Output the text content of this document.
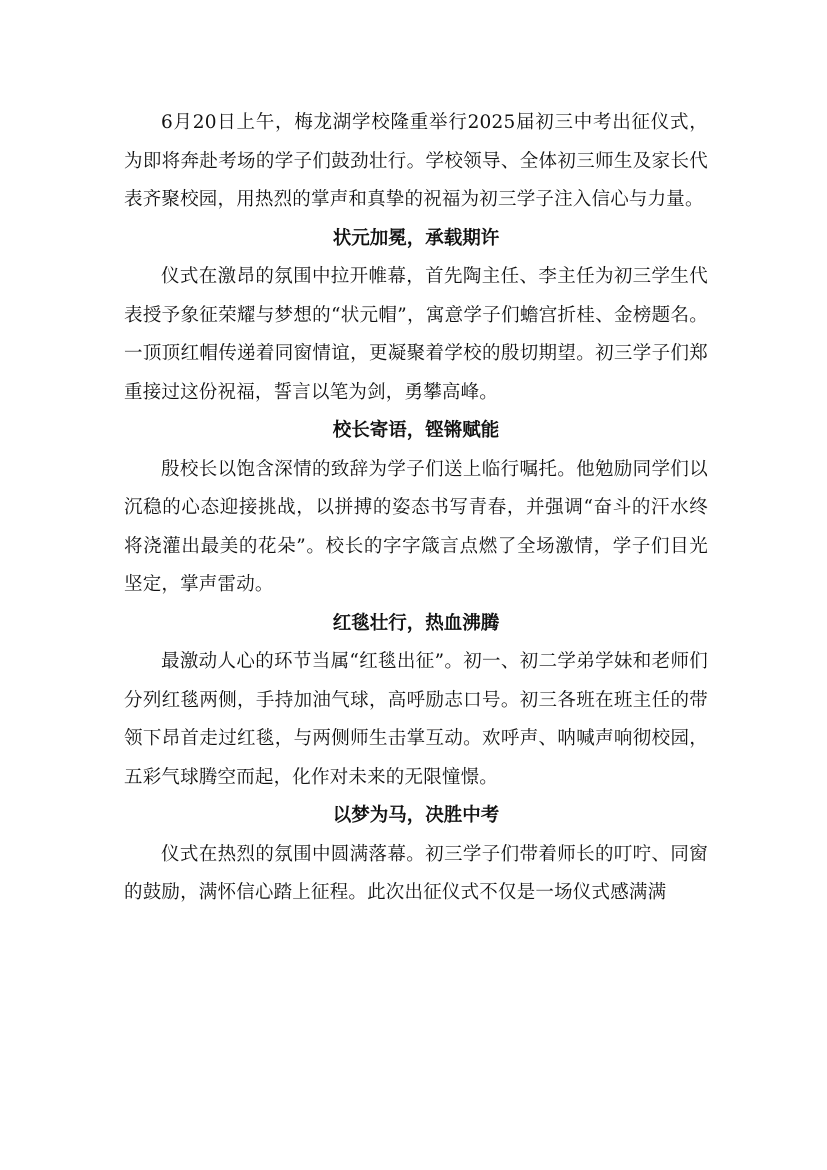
6月20日上午，梅龙湖学校隆重举行2025届初三中考出征仪式，为即将奔赴考场的学子们鼓劲壮行。学校领导、全体初三师生及家长代表齐聚校园，用热烈的掌声和真挚的祝福为初三学子注入信心与力量。

状元加冕，承载期许

仪式在激昂的氛围中拉开帷幕，首先陶主任、李主任为初三学生代表授予象征荣耀与梦想的“状元帽”，寓意学子们蟾宫折桂、金榜题名。一顶顶红帽传递着同窗情谊，更凝聚着学校的殷切期望。初三学子们郑重接过这份祝福，誓言以笔为剑，勇攀高峰。

校长寄语，铿锵赋能

殷校长以饱含深情的致辞为学子们送上临行嘱托。他勉励同学们以沉稳的心态迎接挑战，以拼搏的姿态书写青春，并强调“奋斗的汗水终将浇灌出最美的花朵”。校长的字字箴言点燃了全场激情，学子们目光坚定，掌声雷动。

红毯壮行，热血沸腾

最激动人心的环节当属“红毯出征”。初一、初二学弟学妹和老师们分列红毯两侧，手持加油气球，高呼励志口号。初三各班在班主任的带领下昂首走过红毯，与两侧师生击掌互动。欢呼声、呐喊声响彻校园，五彩气球腾空而起，化作对未来的无限憧憬。

以梦为马，决胜中考

仪式在热烈的氛围中圆满落幕。初三学子们带着师长的叮咛、同窗的鼓励，满怀信心踏上征程。此次出征仪式不仅是一场仪式感满满
